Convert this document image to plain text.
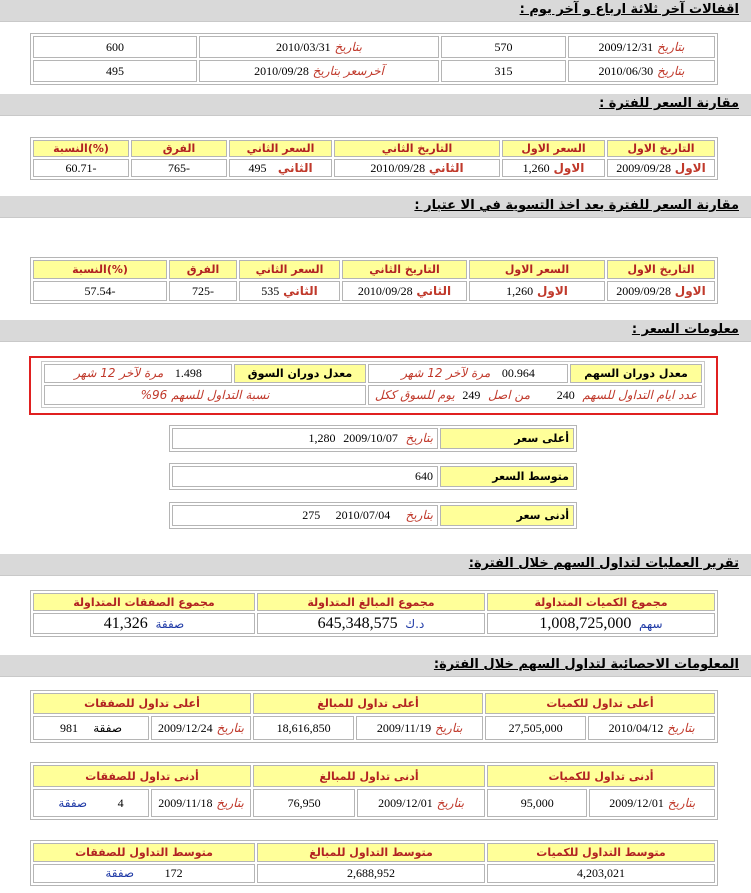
اقفالات آخر ثلاثة ارباع و آخر يوم :
بتاريخ 2009/12/31	570	بتاريخ 2010/03/31	600
بتاريخ 2010/06/30	315	آخرسعر بتاريخ 2010/09/28	495
مقارنة السعر للفترة :
التاريخ الاول	السعر الاول	التاريخ الثاني	السعر الثاني	الفرق	(%)النسبة
الاول 2009/09/28	الاول 1,260	الثاني 2010/09/28	الثاني   495	-765	-60.71
مقارنة السعر للفترة بعد اخذ التسوية في الا عتبار :
التاريخ الاول	السعر الاول	التاريخ الثاني	السعر الثاني	الفرق	(%)النسبة
الاول 2009/09/28	الاول 1,260	الثاني 2010/09/28	الثاني 535	-725	-57.54
معلومات السعر :
معدل دوران السهم	00.964   مرة لآخر 12 شهر	معدل دوران السوق	1.498   مرة لآخر 12 شهر
عدد ايام التداول للسهم  240       من اصل  249  يوم للسوق ككل		نسبة التداول للسهم 96%	
أعلى سعر	بتاريخ  2009/10/07  1,280
متوسط السعر	640
أدنى سعر	بتاريخ    2010/07/04    275
تقرير العمليات لتداول السهم خلال الفترة:
مجموع الكميات المتداولة	مجموع المبالغ المتداولة	مجموع الصفقات المتداولة
سهم  1,008,725,000	د.ك  645,348,575	صفقة  41,326
المعلومات الاحصائية لتداول السهم خلال الفترة:
أعلى تداول للكميات		أعلى تداول للمبالغ		أعلى تداول للصفقات	
بتاريخ 2010/04/12	27,505,000	بتاريخ 2009/11/19	18,616,850	بتاريخ 2009/12/24	صفقة    981
أدنى تداول للكميات		أدنى تداول للمبالغ		أدنى تداول للصفقات	
بتاريخ 2009/12/01	95,000	بتاريخ 2009/12/01	76,950	بتاريخ 2009/11/18	4        صفقة
متوسط التداول للكميات	متوسط التداول للمبالغ	متوسط التداول للصفقات
4,203,021	2,688,952	172        صفقة
